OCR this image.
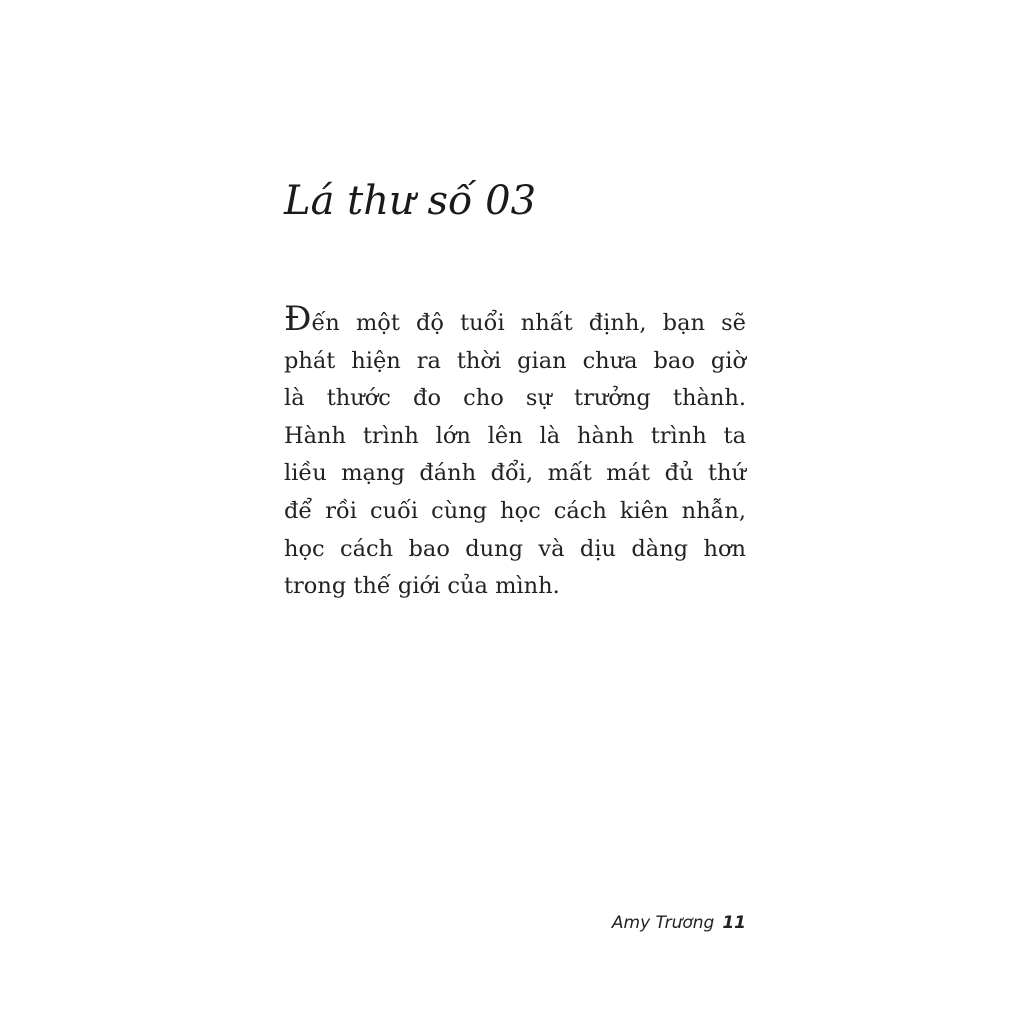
Lá thư số 03
Đến một độ tuổi nhất định, bạn sẽ
phát hiện ra thời gian chưa bao giờ
là thước đo cho sự trưởng thành.
Hành trình lớn lên là hành trình ta
liều mạng đánh đổi, mất mát đủ thứ
để rồi cuối cùng học cách kiên nhẫn,
học cách bao dung và dịu dàng hơn
trong thế giới của mình.
Amy Trương 11
